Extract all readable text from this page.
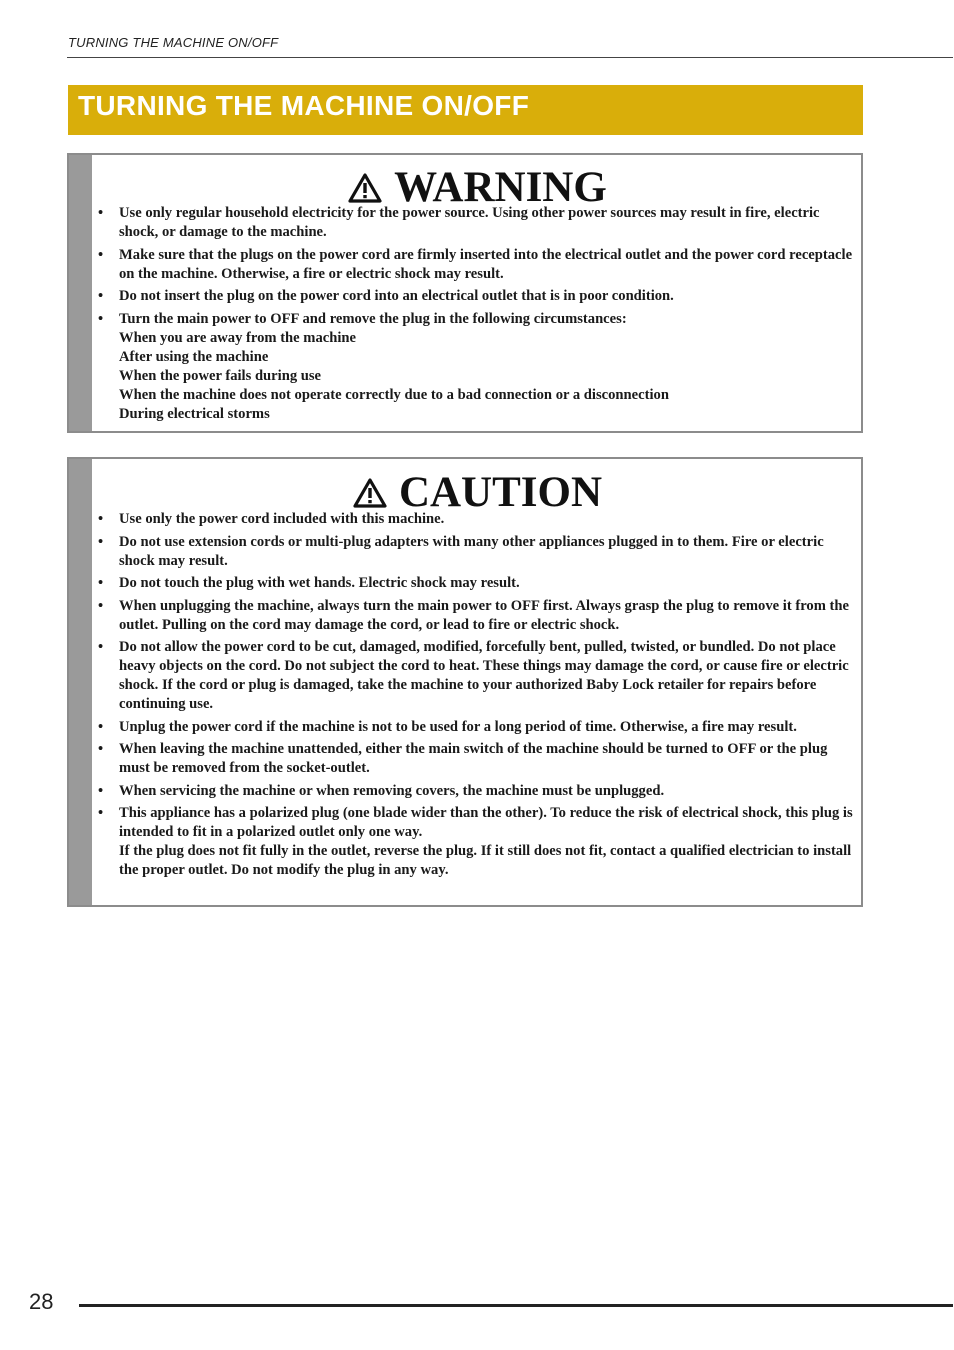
TURNING THE MACHINE ON/OFF
TURNING THE MACHINE ON/OFF
WARNING
• Use only regular household electricity for the power source. Using other power sources may result in fire, electric shock, or damage to the machine.
• Make sure that the plugs on the power cord are firmly inserted into the electrical outlet and the power cord receptacle on the machine. Otherwise, a fire or electric shock may result.
• Do not insert the plug on the power cord into an electrical outlet that is in poor condition.
• Turn the main power to OFF and remove the plug in the following circumstances:
When you are away from the machine
After using the machine
When the power fails during use
When the machine does not operate correctly due to a bad connection or a disconnection
During electrical storms
CAUTION
• Use only the power cord included with this machine.
• Do not use extension cords or multi-plug adapters with many other appliances plugged in to them. Fire or electric shock may result.
• Do not touch the plug with wet hands. Electric shock may result.
• When unplugging the machine, always turn the main power to OFF first. Always grasp the plug to remove it from the outlet. Pulling on the cord may damage the cord, or lead to fire or electric shock.
• Do not allow the power cord to be cut, damaged, modified, forcefully bent, pulled, twisted, or bundled. Do not place heavy objects on the cord. Do not subject the cord to heat. These things may damage the cord, or cause fire or electric shock. If the cord or plug is damaged, take the machine to your authorized Baby Lock retailer for repairs before continuing use.
• Unplug the power cord if the machine is not to be used for a long period of time. Otherwise, a fire may result.
• When leaving the machine unattended, either the main switch of the machine should be turned to OFF or the plug must be removed from the socket-outlet.
• When servicing the machine or when removing covers, the machine must be unplugged.
• This appliance has a polarized plug (one blade wider than the other). To reduce the risk of electrical shock, this plug is intended to fit in a polarized outlet only one way.
If the plug does not fit fully in the outlet, reverse the plug. If it still does not fit, contact a qualified electrician to install the proper outlet. Do not modify the plug in any way.
28
